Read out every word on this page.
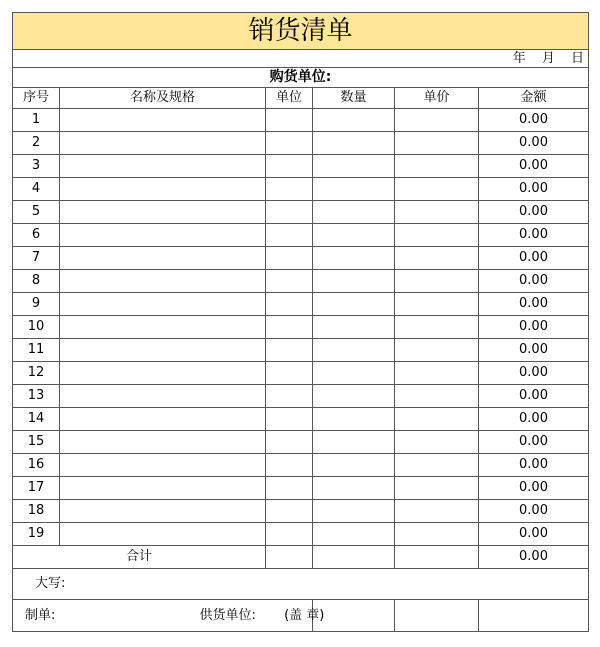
销货清单					
年 月 日					
购货单位:					
序号	名称及规格	单位	数量	单价	金额
1					0.00
2					0.00
3					0.00
4					0.00
5					0.00
6					0.00
7					0.00
8					0.00
9					0.00
10					0.00
11					0.00
12					0.00
13					0.00
14					0.00
15					0.00
16					0.00
17					0.00
18					0.00
19					0.00
合计					0.00
大写:					
制单: 供货单位: (盖 章)					
